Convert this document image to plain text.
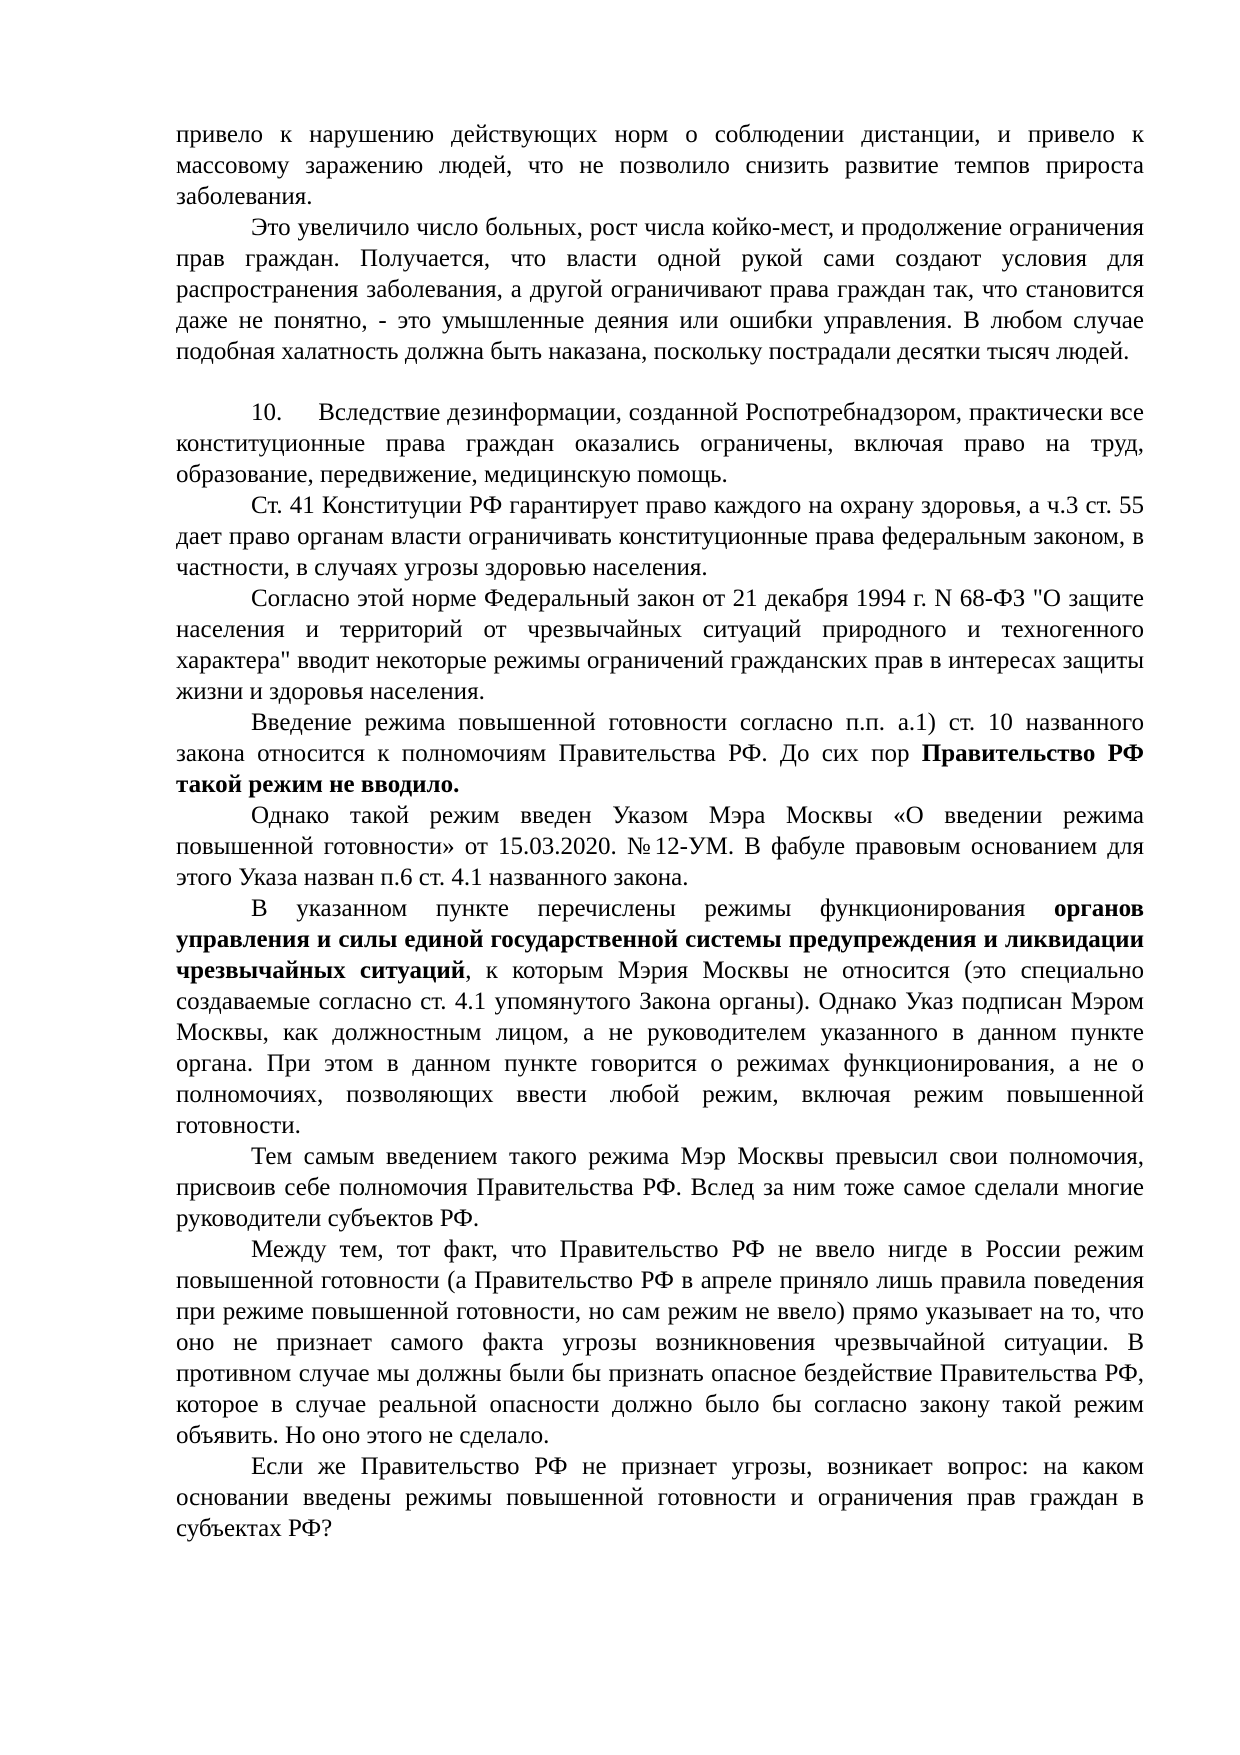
привело к нарушению действующих норм о соблюдении дистанции, и привело к массовому заражению людей, что не позволило снизить развитие темпов прироста заболевания.

Это увеличило число больных, рост числа койко-мест, и продолжение ограничения прав граждан. Получается, что власти одной рукой сами создают условия для распространения заболевания, а другой ограничивают права граждан так, что становится даже не понятно, - это умышленные деяния или ошибки управления. В любом случае подобная халатность должна быть наказана, поскольку пострадали десятки тысяч людей.

10. Вследствие дезинформации, созданной Роспотребнадзором, практически все конституционные права граждан оказались ограничены, включая право на труд, образование, передвижение, медицинскую помощь.

Ст. 41 Конституции РФ гарантирует право каждого на охрану здоровья, а ч.3 ст. 55 дает право органам власти ограничивать конституционные права федеральным законом, в частности, в случаях угрозы здоровью населения.

Согласно этой норме Федеральный закон от 21 декабря 1994 г. N 68-ФЗ "О защите населения и территорий от чрезвычайных ситуаций природного и техногенного характера" вводит некоторые режимы ограничений гражданских прав в интересах защиты жизни и здоровья населения.

Введение режима повышенной готовности согласно п.п. а.1) ст. 10 названного закона относится к полномочиям Правительства РФ. До сих пор Правительство РФ такой режим не вводило.

Однако такой режим введен Указом Мэра Москвы «О введении режима повышенной готовности» от 15.03.2020. №12-УМ. В фабуле правовым основанием для этого Указа назван п.6 ст. 4.1 названного закона.

В указанном пункте перечислены режимы функционирования органов управления и силы единой государственной системы предупреждения и ликвидации чрезвычайных ситуаций, к которым Мэрия Москвы не относится (это специально создаваемые согласно ст. 4.1 упомянутого Закона органы). Однако Указ подписан Мэром Москвы, как должностным лицом, а не руководителем указанного в данном пункте органа. При этом в данном пункте говорится о режимах функционирования, а не о полномочиях, позволяющих ввести любой режим, включая режим повышенной готовности.

Тем самым введением такого режима Мэр Москвы превысил свои полномочия, присвоив себе полномочия Правительства РФ. Вслед за ним тоже самое сделали многие руководители субъектов РФ.

Между тем, тот факт, что Правительство РФ не ввело нигде в России режим повышенной готовности (а Правительство РФ в апреле приняло лишь правила поведения при режиме повышенной готовности, но сам режим не ввело) прямо указывает на то, что оно не признает самого факта угрозы возникновения чрезвычайной ситуации. В противном случае мы должны были бы признать опасное бездействие Правительства РФ, которое в случае реальной опасности должно было бы согласно закону такой режим объявить. Но оно этого не сделало.

Если же Правительство РФ не признает угрозы, возникает вопрос: на каком основании введены режимы повышенной готовности и ограничения прав граждан в субъектах РФ?
